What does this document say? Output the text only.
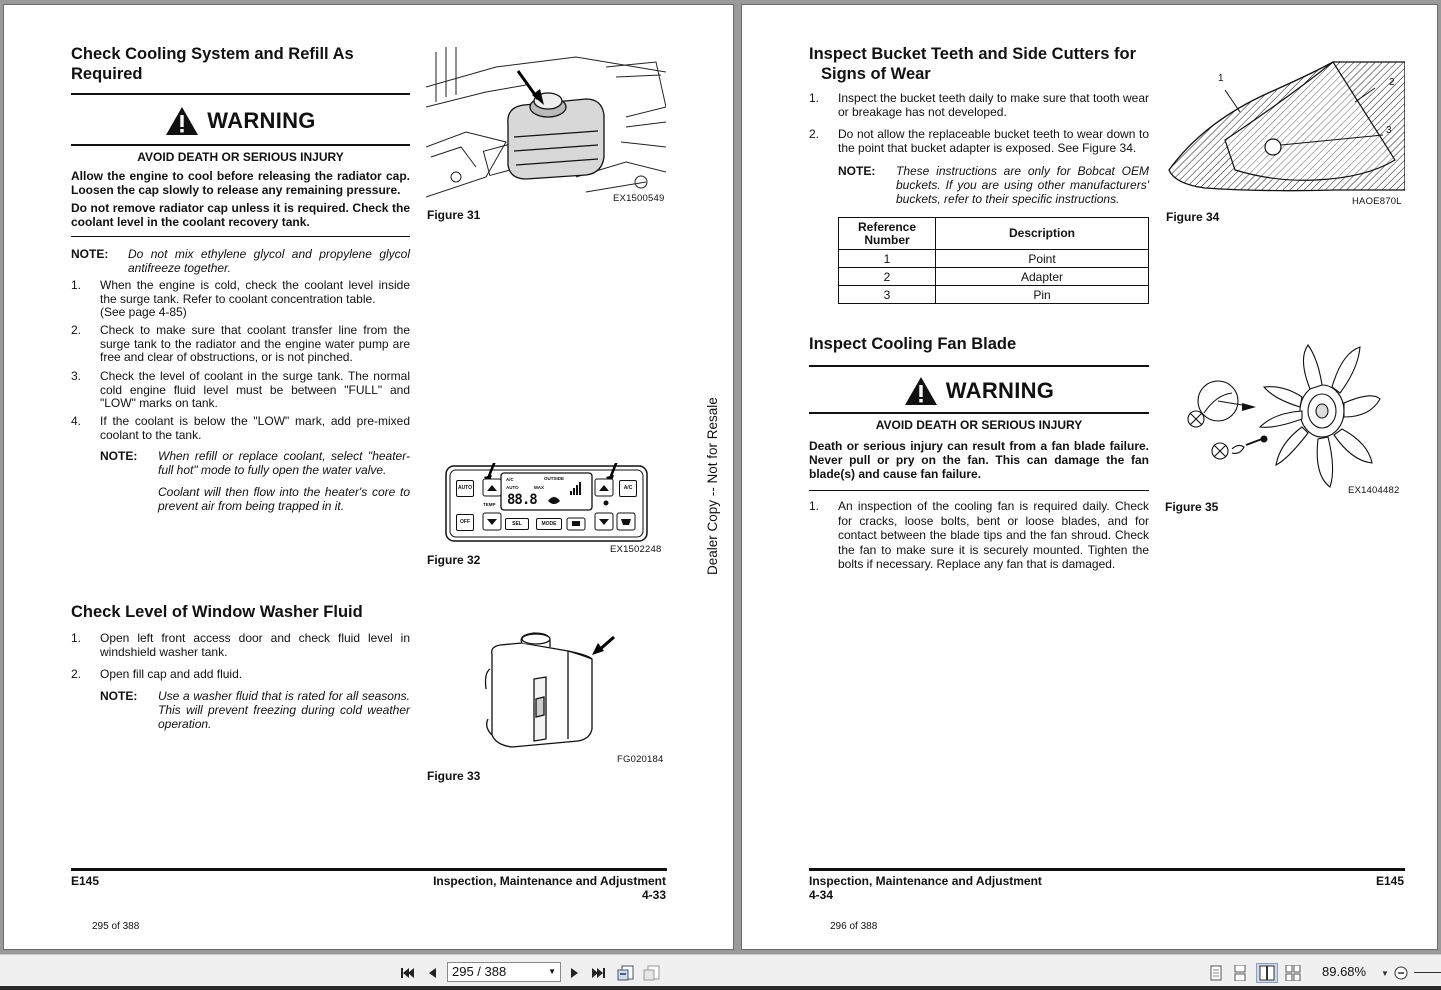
Check Cooling System and Refill As
Required
WARNING
AVOID DEATH OR SERIOUS INJURY
Allow the engine to cool before releasing the radiator cap. Loosen the cap slowly to release any remaining pressure.
Do not remove radiator cap unless it is required. Check the coolant level in the coolant recovery tank.
NOTE: Do not mix ethylene glycol and propylene glycol antifreeze together.
1. When the engine is cold, check the coolant level inside the surge tank. Refer to coolant concentration table.
(See page 4-85)
2. Check to make sure that coolant transfer line from the surge tank to the radiator and the engine water pump are free and clear of obstructions, or is not pinched.
3. Check the level of coolant in the surge tank. The normal cold engine fluid level must be between "FULL" and "LOW" marks on tank.
4. If the coolant is below the "LOW" mark, add pre-mixed coolant to the tank.
NOTE: When refill or replace coolant, select "heater-full hot" mode to fully open the water valve.
Coolant will then flow into the heater's core to prevent air from being trapped in it.
EX1500549
Figure 31
AUTO	A/C
OFF	SEL	MODE
TEMP
A/C
AUTO	MAX
OUTSIDE
88.8
EX1502248
Figure 32
Check Level of Window Washer Fluid
1. Open left front access door and check fluid level in windshield washer tank.
2. Open fill cap and add fluid.
NOTE: Use a washer fluid that is rated for all seasons. This will prevent freezing during cold weather operation.
FG020184
Figure 33
Dealer Copy -- Not for Resale
E145	Inspection, Maintenance and Adjustment
4-33
295 of 388
Inspect Bucket Teeth and Side Cutters for
Signs of Wear
1. Inspect the bucket teeth daily to make sure that tooth wear or breakage has not developed.
2. Do not allow the replaceable bucket teeth to wear down to the point that bucket adapter is exposed. See Figure 34.
NOTE: These instructions are only for Bobcat OEM buckets. If you are using other manufacturers' buckets, refer to their specific instructions.
Reference Number	Description
1	Point
2	Adapter
3	Pin
1	2
3
HAOE870L
Figure 34
Inspect Cooling Fan Blade
WARNING
AVOID DEATH OR SERIOUS INJURY
Death or serious injury can result from a fan blade failure. Never pull or pry on the fan. This can damage the fan blade(s) and cause fan failure.
1. An inspection of the cooling fan is required daily. Check for cracks, loose bolts, bent or loose blades, and for contact between the blade tips and the fan shroud. Check the fan to make sure it is securely mounted. Tighten the bolts if necessary. Replace any fan that is damaged.
EX1404482
Figure 35
Inspection, Maintenance and Adjustment
4-34
E145
296 of 388
295 / 388	▼	89.68% ▼
